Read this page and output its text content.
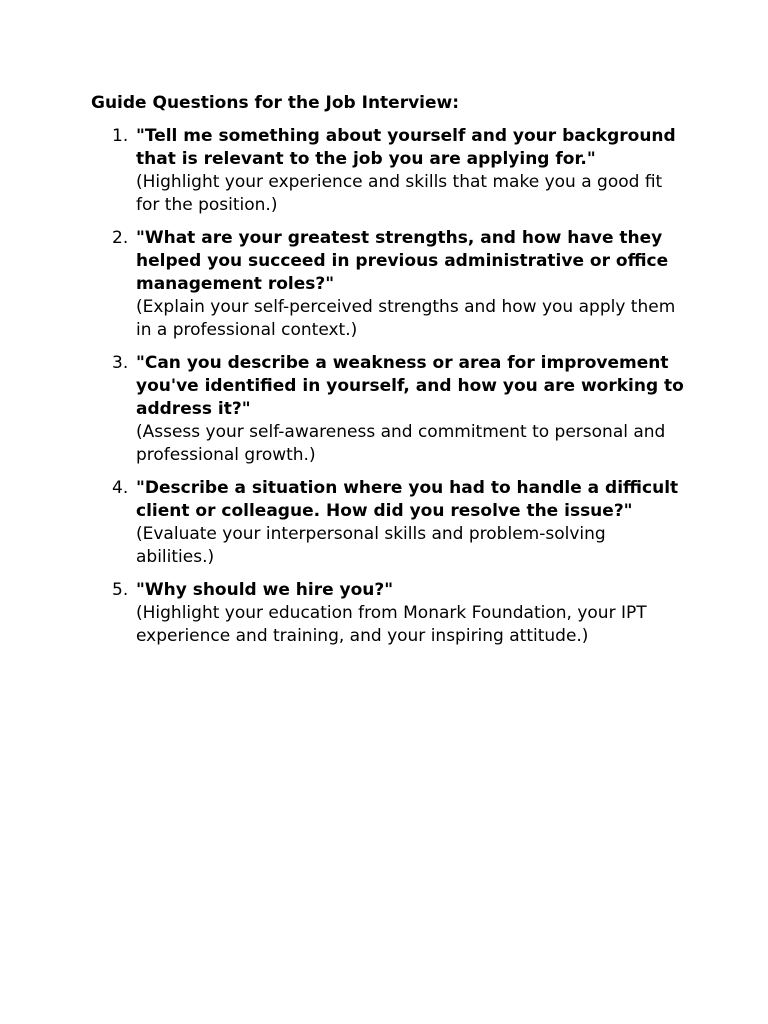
Guide Questions for the Job Interview:
1. "Tell me something about yourself and your background that is relevant to the job you are applying for."
(Highlight your experience and skills that make you a good fit for the position.)
2. "What are your greatest strengths, and how have they helped you succeed in previous administrative or office management roles?"
(Explain your self-perceived strengths and how you apply them in a professional context.)
3. "Can you describe a weakness or area for improvement you've identified in yourself, and how you are working to address it?"
(Assess your self-awareness and commitment to personal and professional growth.)
4. "Describe a situation where you had to handle a difficult client or colleague. How did you resolve the issue?"
(Evaluate your interpersonal skills and problem-solving abilities.)
5. "Why should we hire you?"
(Highlight your education from Monark Foundation, your IPT experience and training, and your inspiring attitude.)
